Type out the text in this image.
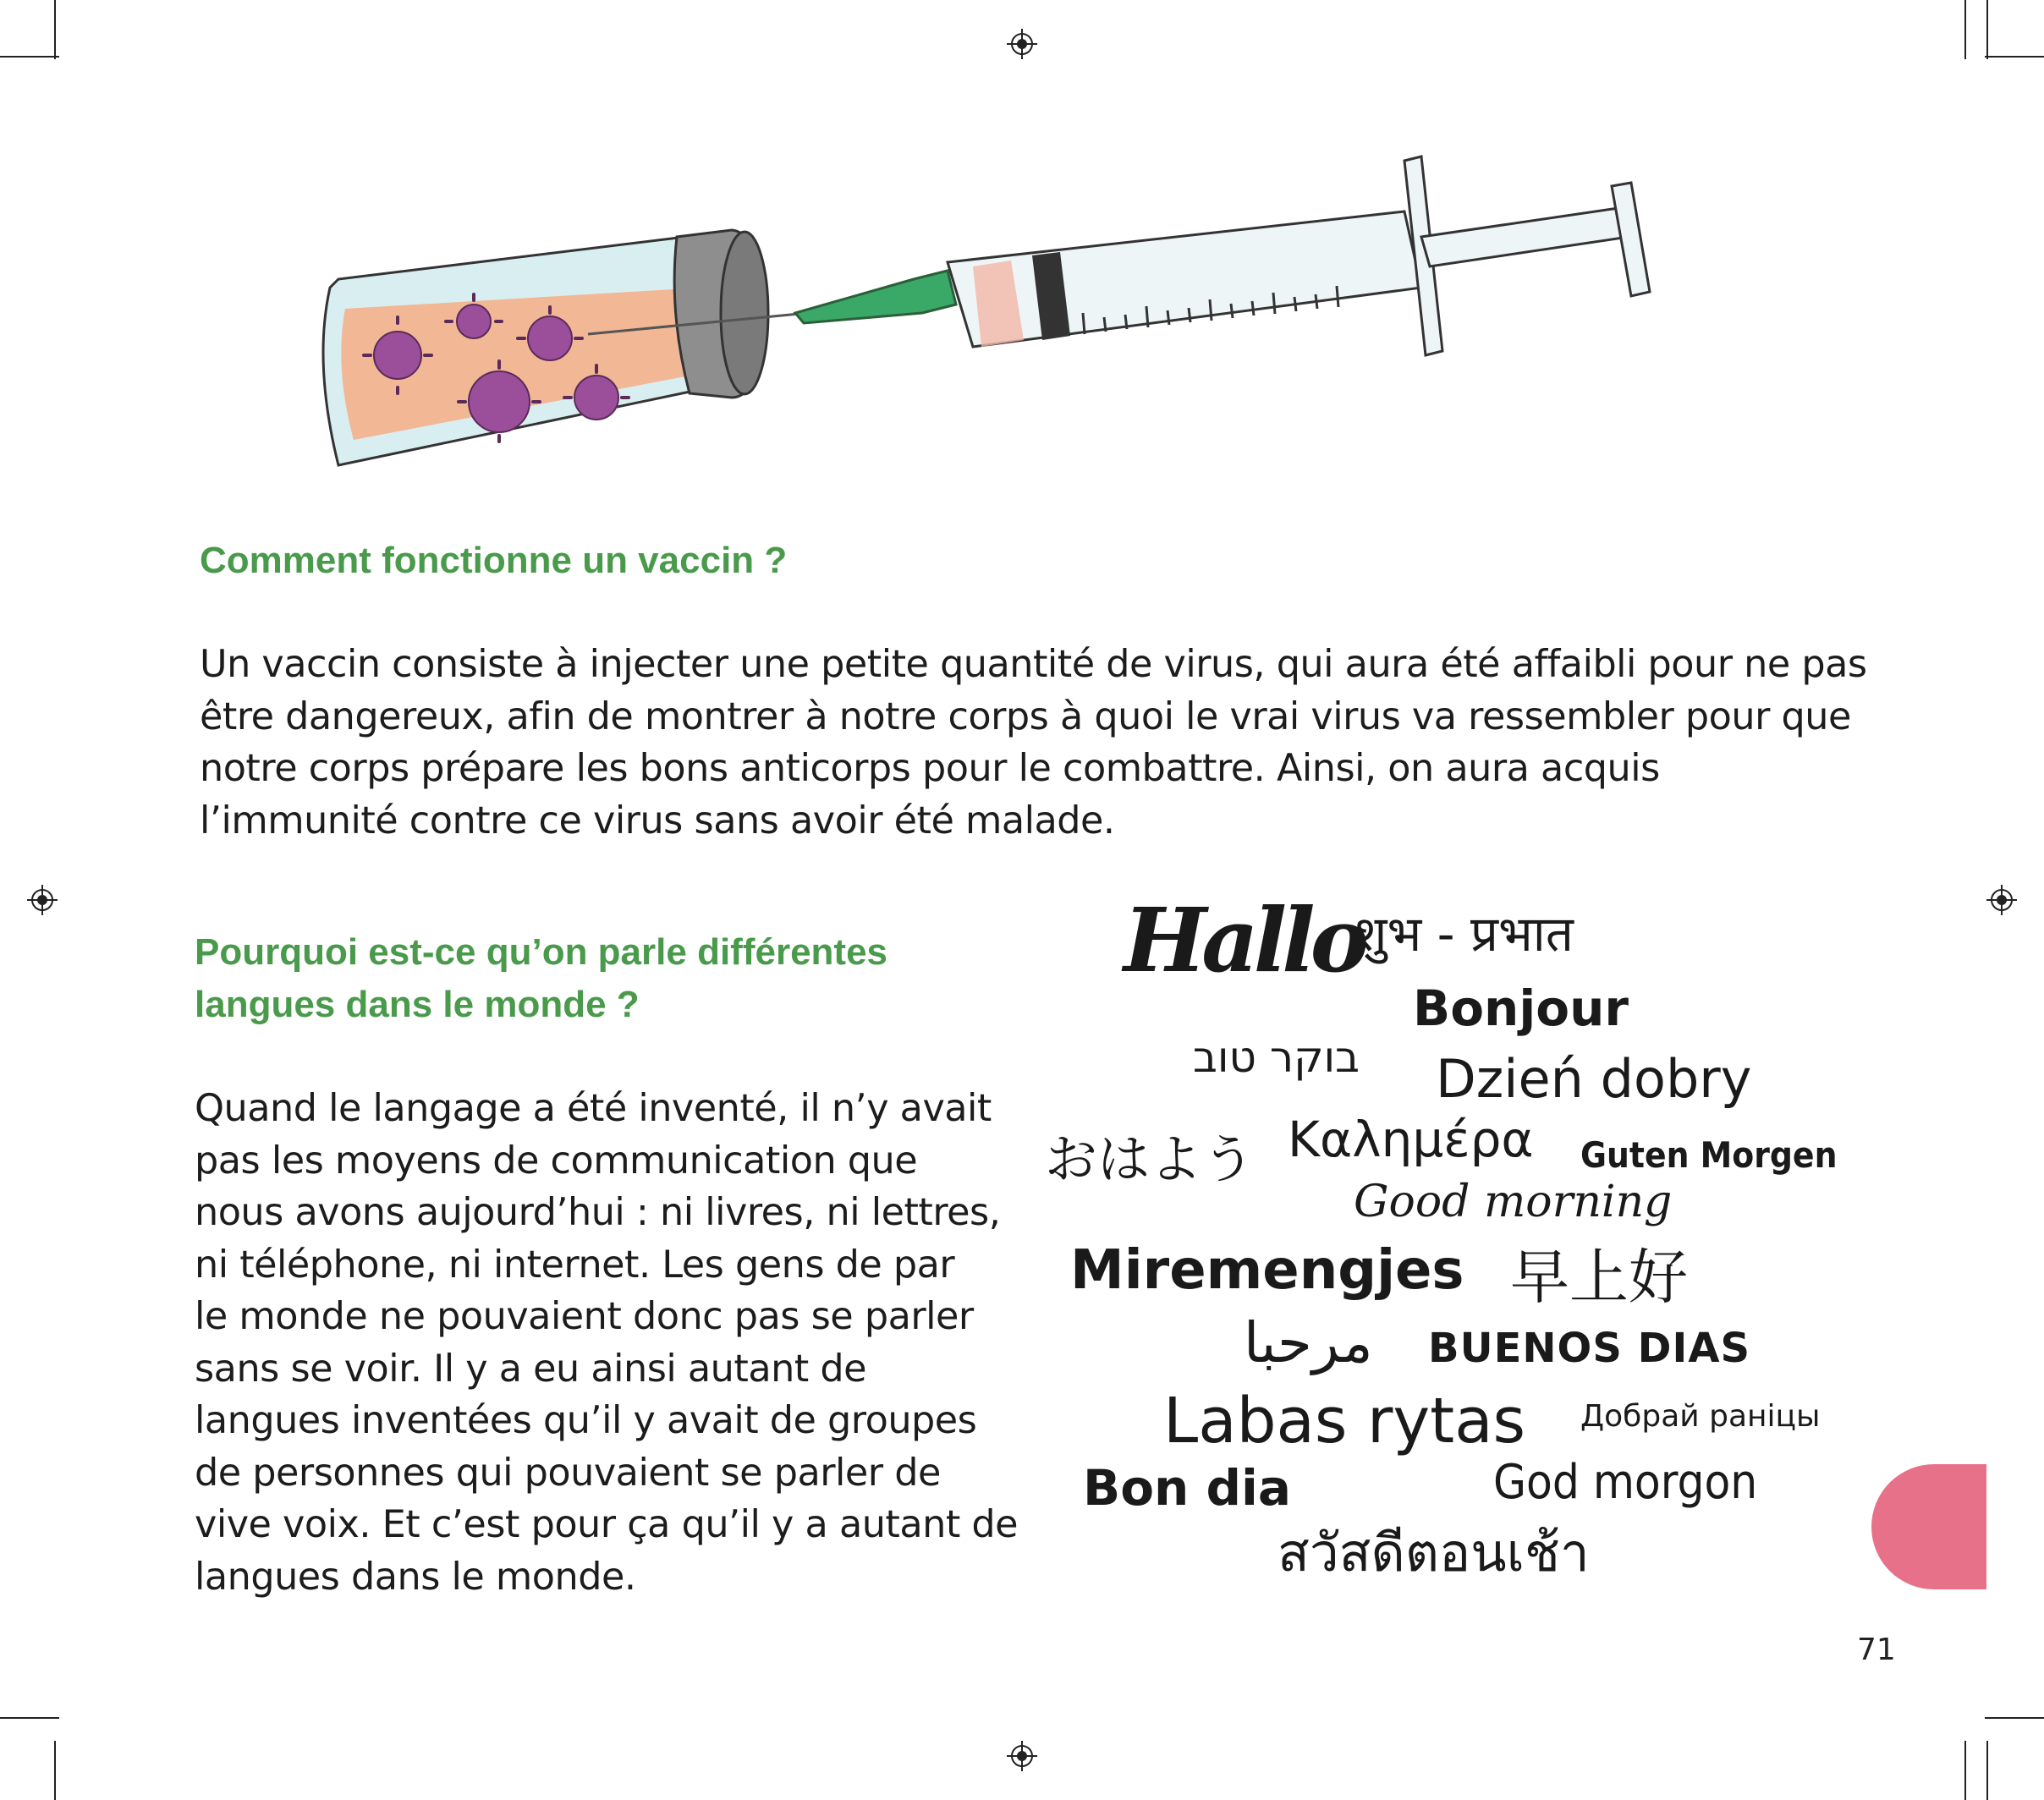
Comment fonctionne un vaccin ?
Un vaccin consiste à injecter une petite quantité de virus, qui aura été affaibli pour ne pas
être dangereux, afin de montrer à notre corps à quoi le vrai virus va ressembler pour que
notre corps prépare les bons anticorps pour le combattre. Ainsi, on aura acquis
l’immunité contre ce virus sans avoir été malade.
Pourquoi est-ce qu’on parle différentes
langues dans le monde ?
Quand le langage a été inventé, il n’y avait
pas les moyens de communication que
nous avons aujourd’hui : ni livres, ni lettres,
ni téléphone, ni internet. Les gens de par
le monde ne pouvaient donc pas se parler
sans se voir. Il y a eu ainsi autant de
langues inventées qu’il y avait de groupes
de personnes qui pouvaient se parler de
vive voix. Et c’est pour ça qu’il y a autant de
langues dans le monde.
Hallo
शुभ - प्रभात
Bonjour
בוקר טוב Dzień dobry
おはよう Καλημέρα Guten Morgen
Good morning
Miremengjes 早上好
مرحبا BUENOS DIAS
Labas rytas Добрай раніцы
Bon dia	God morgon
สวัสดีตอนเช้า
71
